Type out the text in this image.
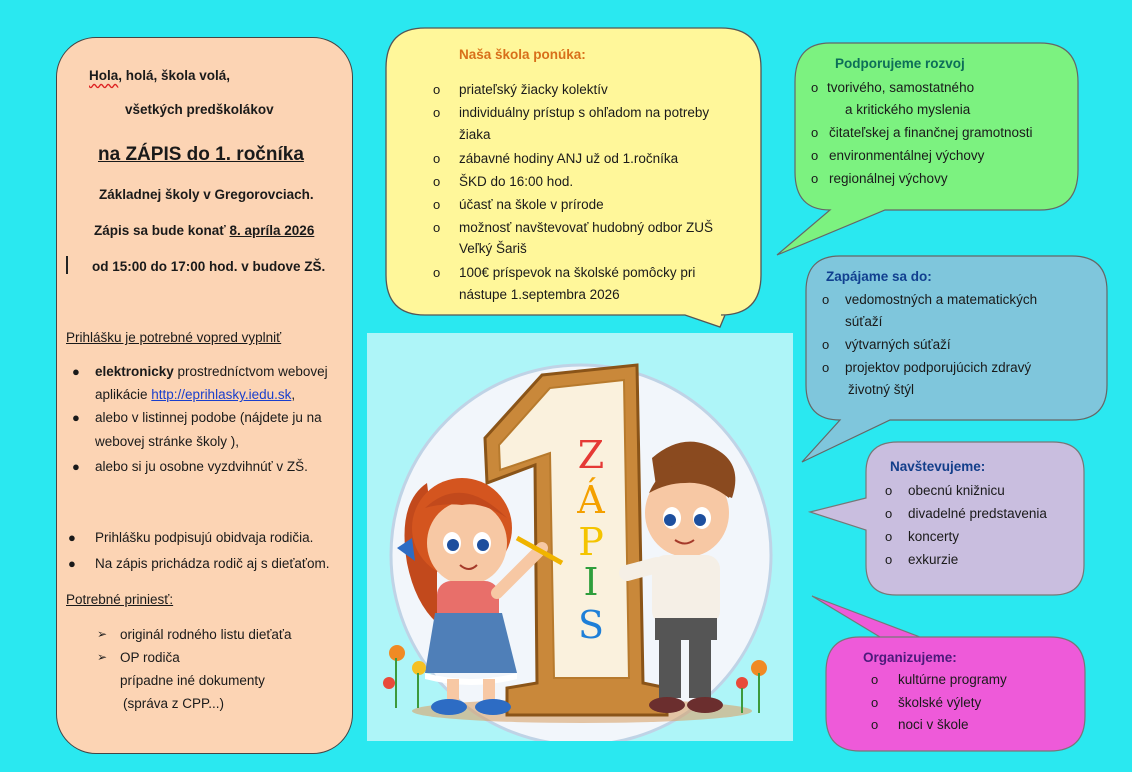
Hola, holá, škola volá,
všetkých predškolákov
na ZÁPIS do 1. ročníka
Základnej školy v Gregorovciach.
Zápis sa bude konať 8. apríla 2026
od 15:00 do 17:00 hod. v budove ZŠ.
Prihlášku je potrebné vopred vyplniť
● elektronicky prostredníctvom webovej
aplikácie http://eprihlasky.iedu.sk,
● alebo v listinnej podobe (nájdete ju na
webovej stránke školy ),
● alebo si ju osobne vyzdvihnúť v ZŠ.
● Prihlášku podpisujú obidvaja rodičia.
● Na zápis prichádza rodič aj s dieťaťom.
Potrebné priniesť:
➢ originál rodného listu dieťaťa
➢ OP rodiča
prípadne iné dokumenty
(správa z CPP...)
Naša škola ponúka:
o priateľský žiacky kolektív
o individuálny prístup s ohľadom na potreby
žiaka
o zábavné hodiny ANJ už od 1.ročníka
o ŠKD do 16:00 hod.
o účasť na škole v prírode
o možnosť navštevovať hudobný odbor ZUŠ
Veľký Šariš
o 100€ príspevok na školské pomôcky pri
nástupe 1.septembra 2026
Podporujeme rozvoj
o tvorivého, samostatného
a kritického myslenia
o čitateľskej a finančnej gramotnosti
o environmentálnej výchovy
o regionálnej výchovy
Zapájame sa do:
o vedomostných a matematických
súťaží
o výtvarných súťaží
o projektov podporujúcich zdravý
životný štýl
Navštevujeme:
o obecnú knižnicu
o divadelné predstavenia
o koncerty
o exkurzie
Organizujeme:
o kultúrne programy
o školské výlety
o noci v škole
Z
Á
P
I
S
